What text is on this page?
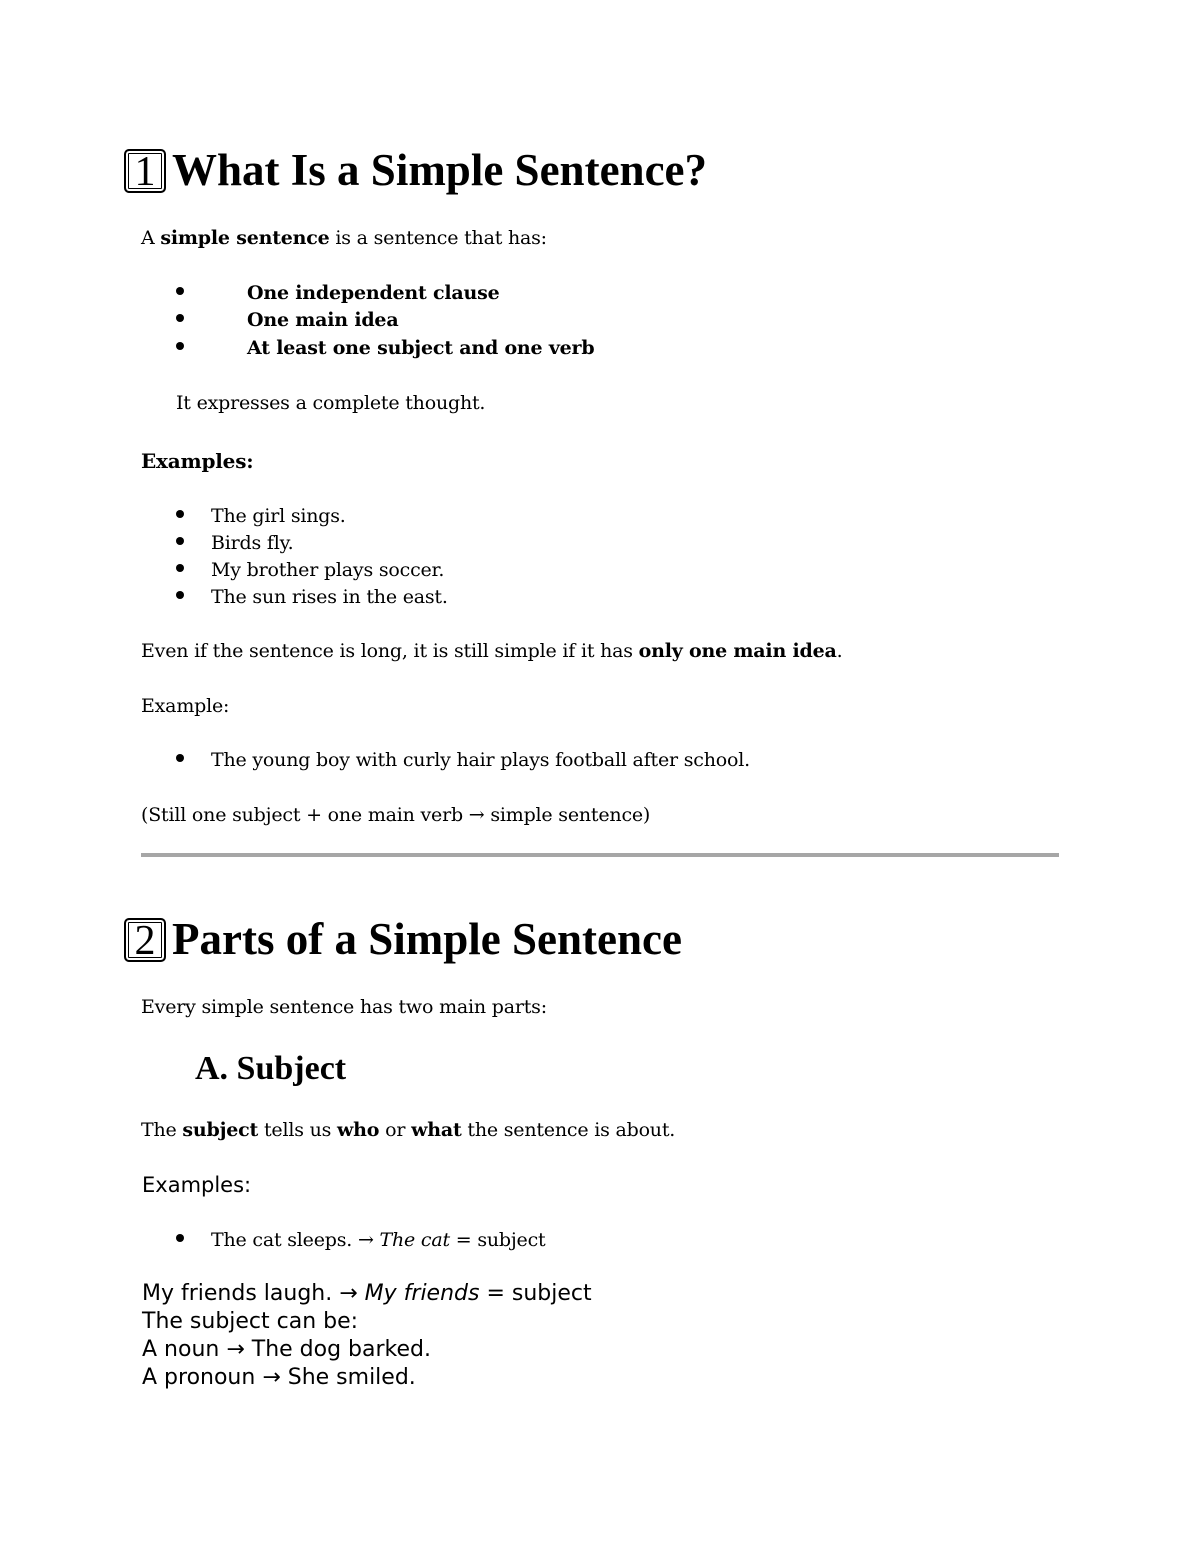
1 What Is a Simple Sentence?

A simple sentence is a sentence that has:

One independent clause
One main idea
At least one subject and one verb

It expresses a complete thought.

Examples:

The girl sings.
Birds fly.
My brother plays soccer.
The sun rises in the east.

Even if the sentence is long, it is still simple if it has only one main idea.

Example:

The young boy with curly hair plays football after school.

(Still one subject + one main verb → simple sentence)

2 Parts of a Simple Sentence

Every simple sentence has two main parts:

A. Subject

The subject tells us who or what the sentence is about.

Examples:

The cat sleeps. → The cat = subject

My friends laugh. → My friends = subject

The subject can be:

A noun → The dog barked.

A pronoun → She smiled.
